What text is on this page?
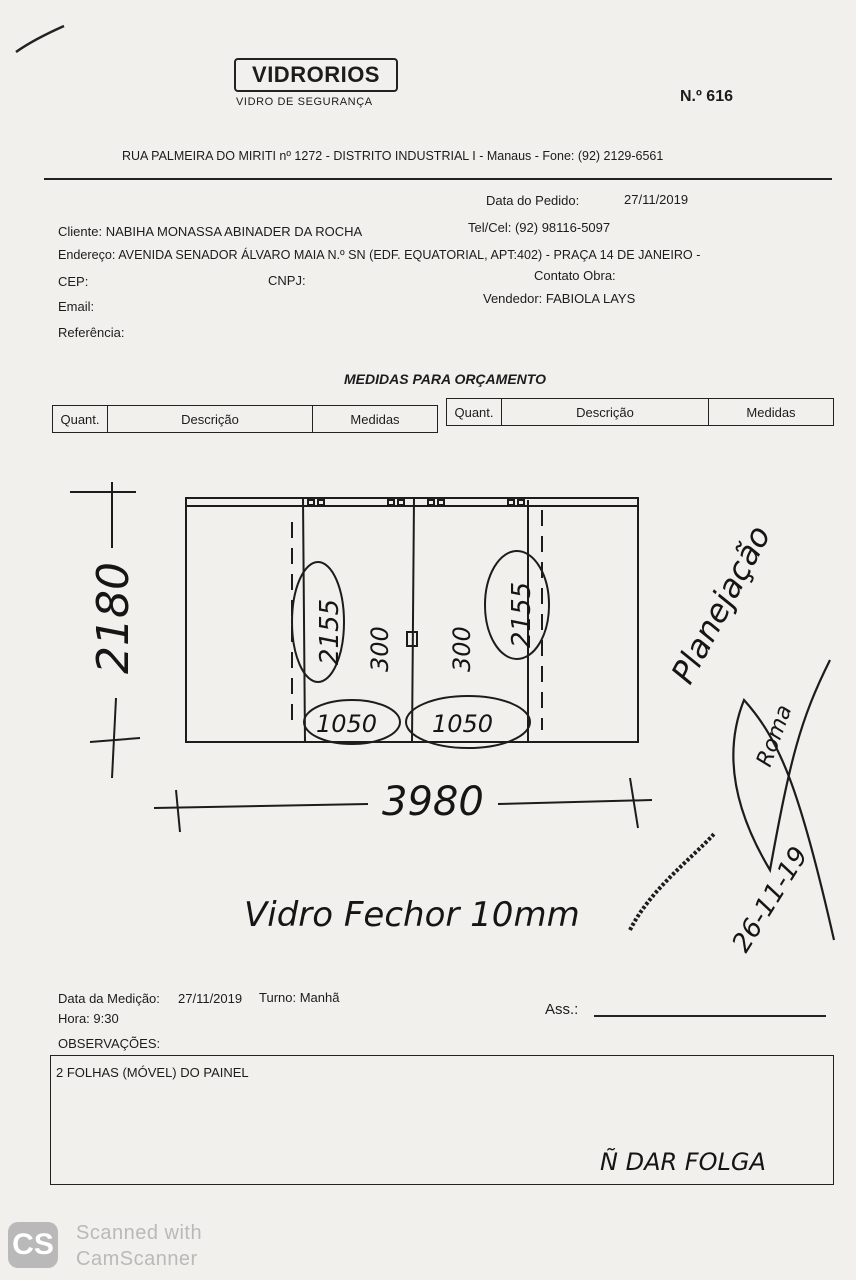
VIDRORIOS
VIDRO DE SEGURANÇA	N.º 616
RUA PALMEIRA DO MIRITI nº 1272 - DISTRITO INDUSTRIAL I - Manaus - Fone: (92) 2129-6561
Data do Pedido:	27/11/2019
Cliente: NABIHA MONASSA ABINADER DA ROCHA	Tel/Cel: (92) 98116-5097
Endereço: AVENIDA SENADOR ÁLVARO MAIA N.º SN (EDF. EQUATORIAL, APT:402) - PRAÇA 14 DE JANEIRO -
CEP:	CNPJ:	Contato Obra:
Email:
Vendedor: FABIOLA LAYS
Referência:
MEDIDAS PARA ORÇAMENTO
Quant.	Descrição	Medidas	Quant.	Descrição	Medidas
2180
3980
2155	2155
300 300
1050 1050
Vidro Fechor 10mm
Planejação
Roma
26-11-19
Data da Medição: 27/11/2019 Turno: Manhã
Hora: 9:30
Ass.:
OBSERVAÇÕES:
2 FOLHAS (MÓVEL) DO PAINEL
Ñ DAR FOLGA
CS Scanned with
CamScanner
